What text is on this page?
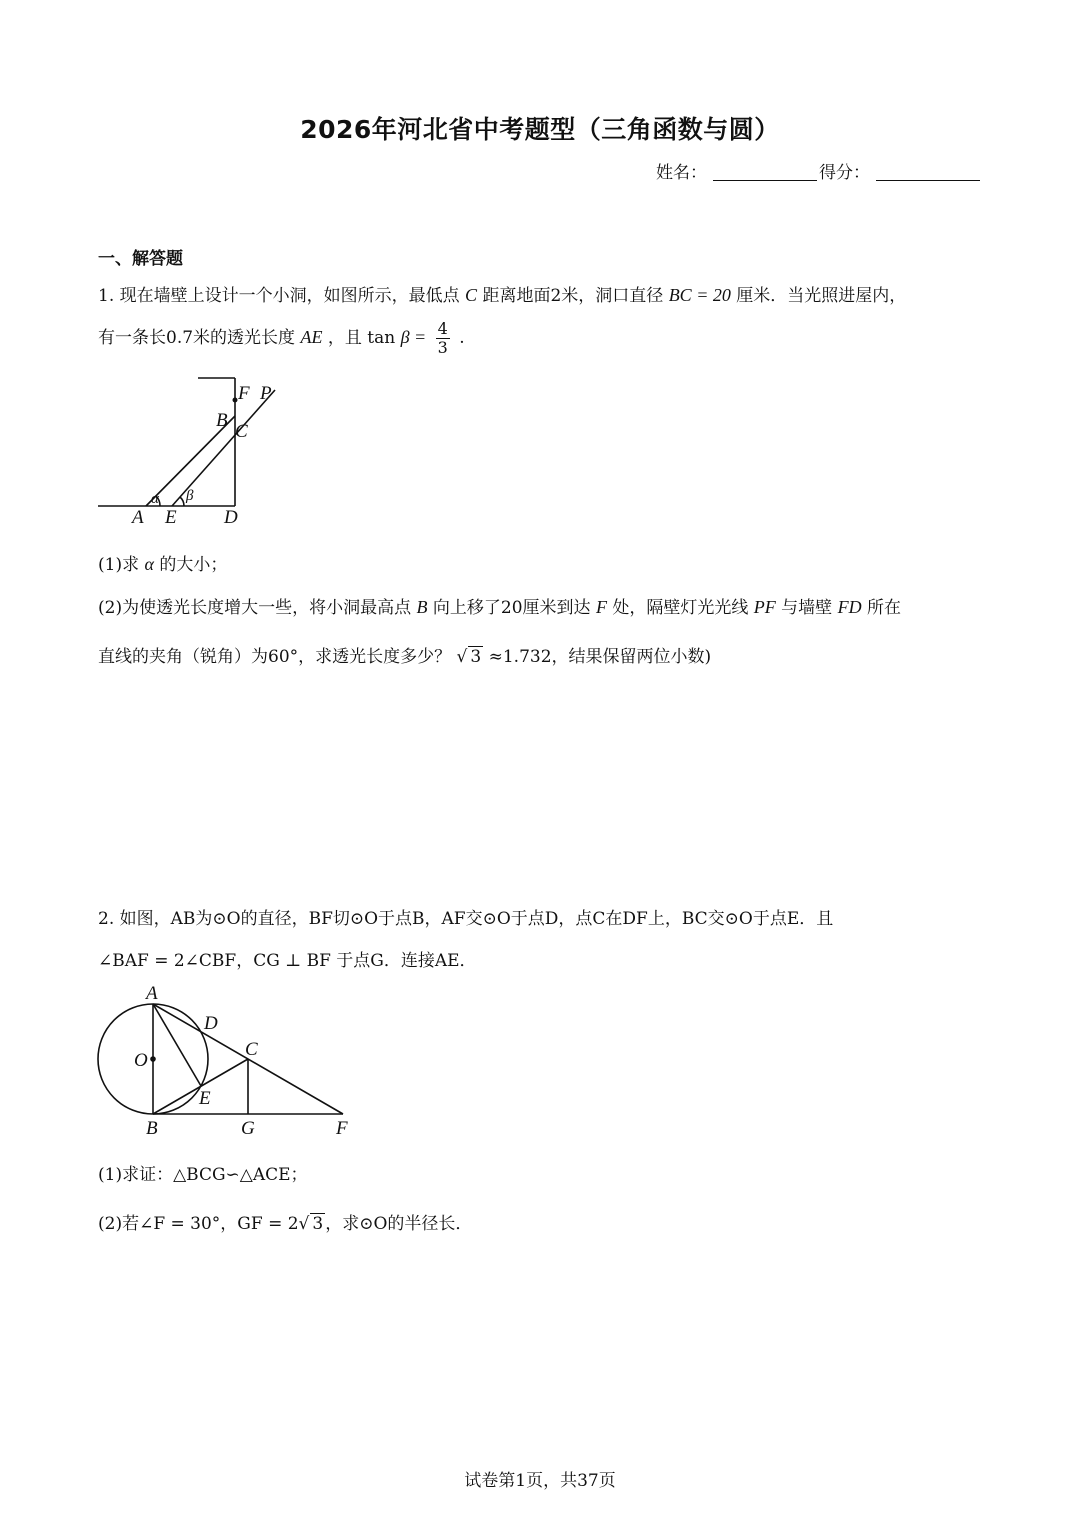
2026年河北省中考题型（三角函数与圆）
姓名：	得分：
一、解答题
1. 现在墙壁上设计一个小洞，如图所示，最低点 C 距离地面2米，洞口直径 BC = 20 厘米．当光照进屋内，
有一条长0.7米的透光长度 AE ，且 $\tan \beta = \frac{4}{3}$ .
F P
B
C
α β
A E D
(1)求 α 的大小；
(2)为使透光长度增大一些，将小洞最高点 B 向上移了20厘米到达 F 处，隔壁灯光光线 PF 与墙壁 FD 所在
直线的夹角（锐角）为60°，求透光长度多少？ √ 3 ≈1.732，结果保留两位小数)
2. 如图，AB为⊙O的直径，BF切⊙O于点B，AF交⊙O于点D，点C在DF上，BC交⊙O于点E．且
∠BAF = 2∠CBF，CG ⊥ BF 于点G．连接AE．
A
D
C
O
E
B	G	F
(1)求证：△BCG∽△ACE；
(2)若∠F = 30°，GF = 2√ 3 ，求⊙O的半径长．
试卷第1页，共37页
